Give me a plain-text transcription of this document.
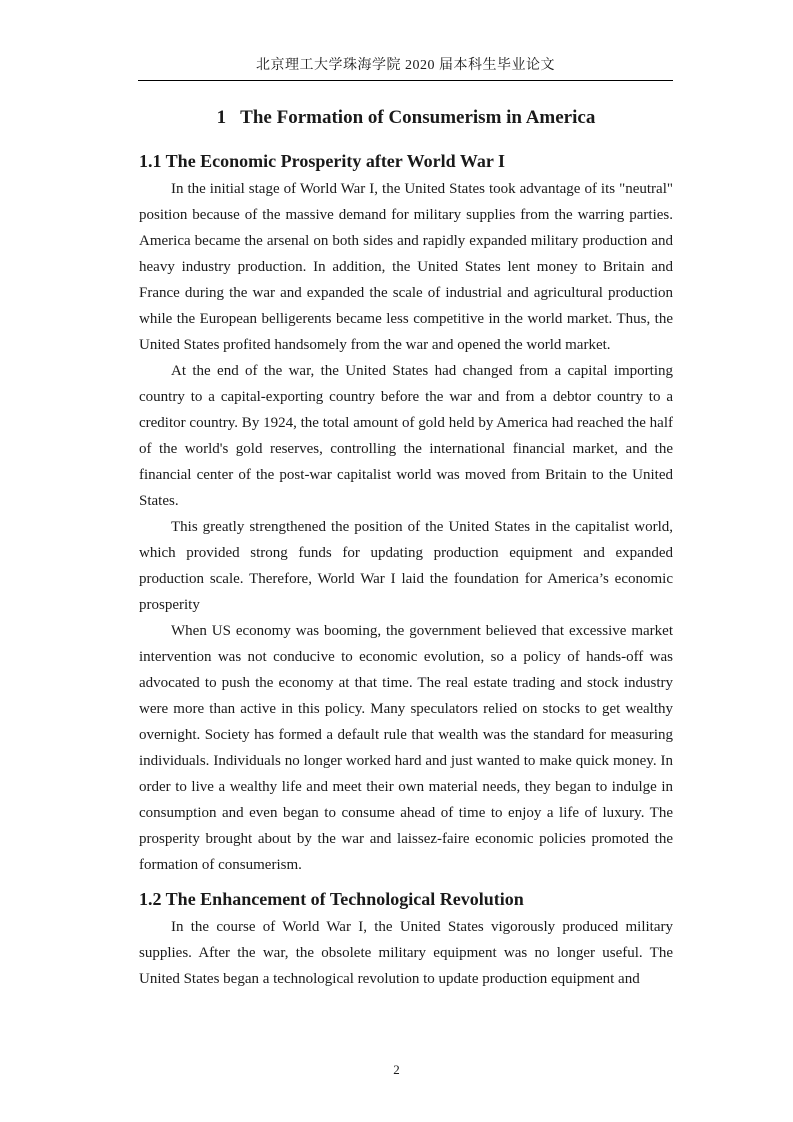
北京理工大学珠海学院 2020 届本科生毕业论文
1 The Formation of Consumerism in America
1.1 The Economic Prosperity after World War I

In the initial stage of World War I, the United States took advantage of its "neutral" position because of the massive demand for military supplies from the warring parties. America became the arsenal on both sides and rapidly expanded military production and heavy industry production. In addition, the United States lent money to Britain and France during the war and expanded the scale of industrial and agricultural production while the European belligerents became less competitive in the world market. Thus, the United States profited handsomely from the war and opened the world market.

At the end of the war, the United States had changed from a capital importing country to a capital-exporting country before the war and from a debtor country to a creditor country. By 1924, the total amount of gold held by America had reached the half of the world's gold reserves, controlling the international financial market, and the financial center of the post-war capitalist world was moved from Britain to the United States.

This greatly strengthened the position of the United States in the capitalist world, which provided strong funds for updating production equipment and expanded production scale. Therefore, World War I laid the foundation for America’s economic prosperity

When US economy was booming, the government believed that excessive market intervention was not conducive to economic evolution, so a policy of hands-off was advocated to push the economy at that time. The real estate trading and stock industry were more than active in this policy. Many speculators relied on stocks to get wealthy overnight. Society has formed a default rule that wealth was the standard for measuring individuals. Individuals no longer worked hard and just wanted to make quick money. In order to live a wealthy life and meet their own material needs, they began to indulge in consumption and even began to consume ahead of time to enjoy a life of luxury. The prosperity brought about by the war and laissez-faire economic policies promoted the formation of consumerism.

1.2 The Enhancement of Technological Revolution

In the course of World War I, the United States vigorously produced military supplies. After the war, the obsolete military equipment was no longer useful. The United States began a technological revolution to update production equipment and

2
